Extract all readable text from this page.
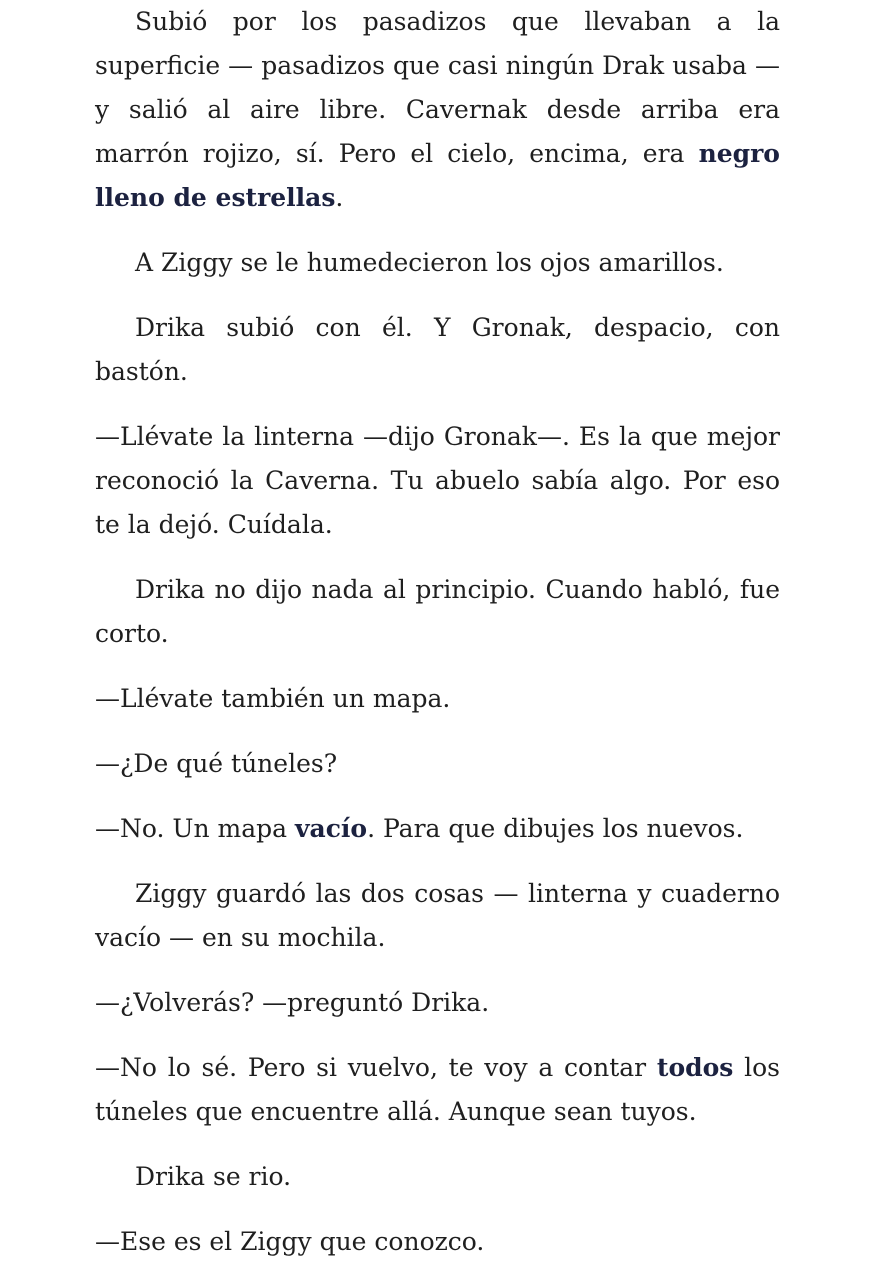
Subió por los pasadizos que llevaban a la superficie — pasadizos que casi ningún Drak usaba — y salió al aire libre. Cavernak desde arriba era marrón rojizo, sí. Pero el cielo, encima, era negro lleno de estrellas.

A Ziggy se le humedecieron los ojos amarillos.

Drika subió con él. Y Gronak, despacio, con bastón.

—Llévate la linterna —dijo Gronak—. Es la que mejor reconoció la Caverna. Tu abuelo sabía algo. Por eso te la dejó. Cuídala.

Drika no dijo nada al principio. Cuando habló, fue corto.

—Llévate también un mapa.

—¿De qué túneles?

—No. Un mapa vacío. Para que dibujes los nuevos.

Ziggy guardó las dos cosas — linterna y cuaderno vacío — en su mochila.

—¿Volverás? —preguntó Drika.

—No lo sé. Pero si vuelvo, te voy a contar todos los túneles que encuentre allá. Aunque sean tuyos.

Drika se rio.

—Ese es el Ziggy que conozco.
